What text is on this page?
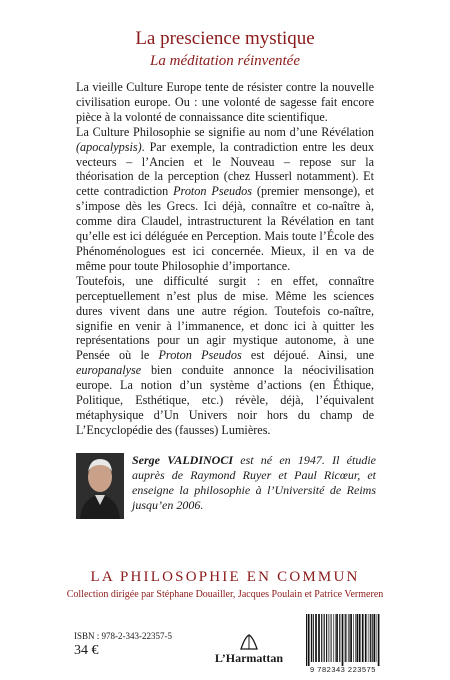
La prescience mystique
La méditation réinventée

La vieille Culture Europe tente de résister contre la nouvelle civilisation europe. Ou : une volonté de sagesse fait encore pièce à la volonté de connaissance dite scientifique.

La Culture Philosophie se signifie au nom d’une Révélation (apocalypsis). Par exemple, la contradiction entre les deux vecteurs – l’Ancien et le Nouveau – repose sur la théorisation de la perception (chez Husserl notamment). Et cette contradiction Proton Pseudos (premier mensonge), et s’impose dès les Grecs. Ici déjà, connaître et co-naître à, comme dira Claudel, intrastructurent la Révélation en tant qu’elle est ici déléguée en Perception. Mais toute l’École des Phénoménologues est ici concernée. Mieux, il en va de même pour toute Philosophie d’importance.

Toutefois, une difficulté surgit : en effet, connaître perceptuellement n’est plus de mise. Même les sciences dures vivent dans une autre région. Toutefois co-naître, signifie en venir à l’immanence, et donc ici à quitter les représentations pour un agir mystique autonome, à une Pensée où le Proton Pseudos est déjoué. Ainsi, une europanalyse bien conduite annonce la néocivilisation europe. La notion d’un système d’actions (en Éthique, Politique, Esthétique, etc.) révèle, déjà, l’équivalent métaphysique d’Un Univers noir hors du champ de L’Encyclopédie des (fausses) Lumières.

Serge VALDINOCI est né en 1947. Il étudie auprès de Raymond Ruyer et Paul Ricœur, et enseigne la philosophie à l’Université de Reims jusqu’en 2006.
LA PHILOSOPHIE EN COMMUN
Collection dirigée par Stéphane Douailler, Jacques Poulain et Patrice Vermeren
ISBN : 978-2-343-22357-5
34 €	L’Harmattan
9 782343 223575
